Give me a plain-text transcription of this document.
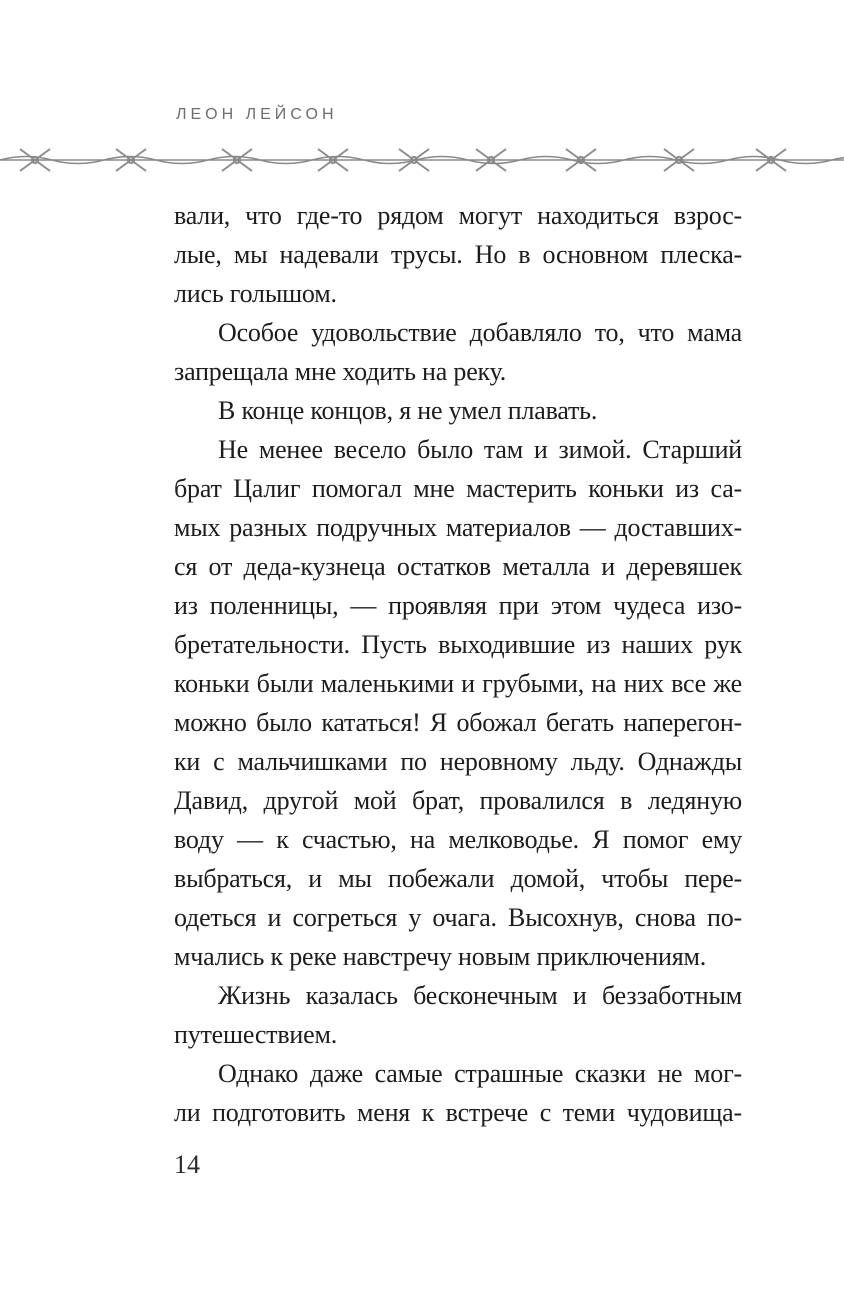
ЛЕОН ЛЕЙСОН
вали, что где-то рядом могут находиться взрос-
лые, мы надевали трусы. Но в основном плеска-
лись голышом.
Особое удовольствие добавляло то, что мама
запрещала мне ходить на реку.
В конце концов, я не умел плавать.
Не менее весело было там и зимой. Старший
брат Цалиг помогал мне мастерить коньки из са-
мых разных подручных материалов — доставших-
ся от деда-кузнеца остатков металла и деревяшек
из поленницы, — проявляя при этом чудеса изо-
бретательности. Пусть выходившие из наших рук
коньки были маленькими и грубыми, на них все же
можно было кататься! Я обожал бегать наперегон-
ки с мальчишками по неровному льду. Однажды
Давид, другой мой брат, провалился в ледяную
воду — к счастью, на мелководье. Я помог ему
выбраться, и мы побежали домой, чтобы пере-
одеться и согреться у очага. Высохнув, снова по-
мчались к реке навстречу новым приключениям.
Жизнь казалась бесконечным и беззаботным
путешествием.
Однако даже самые страшные сказки не мог-
ли подготовить меня к встрече с теми чудовища-
14
